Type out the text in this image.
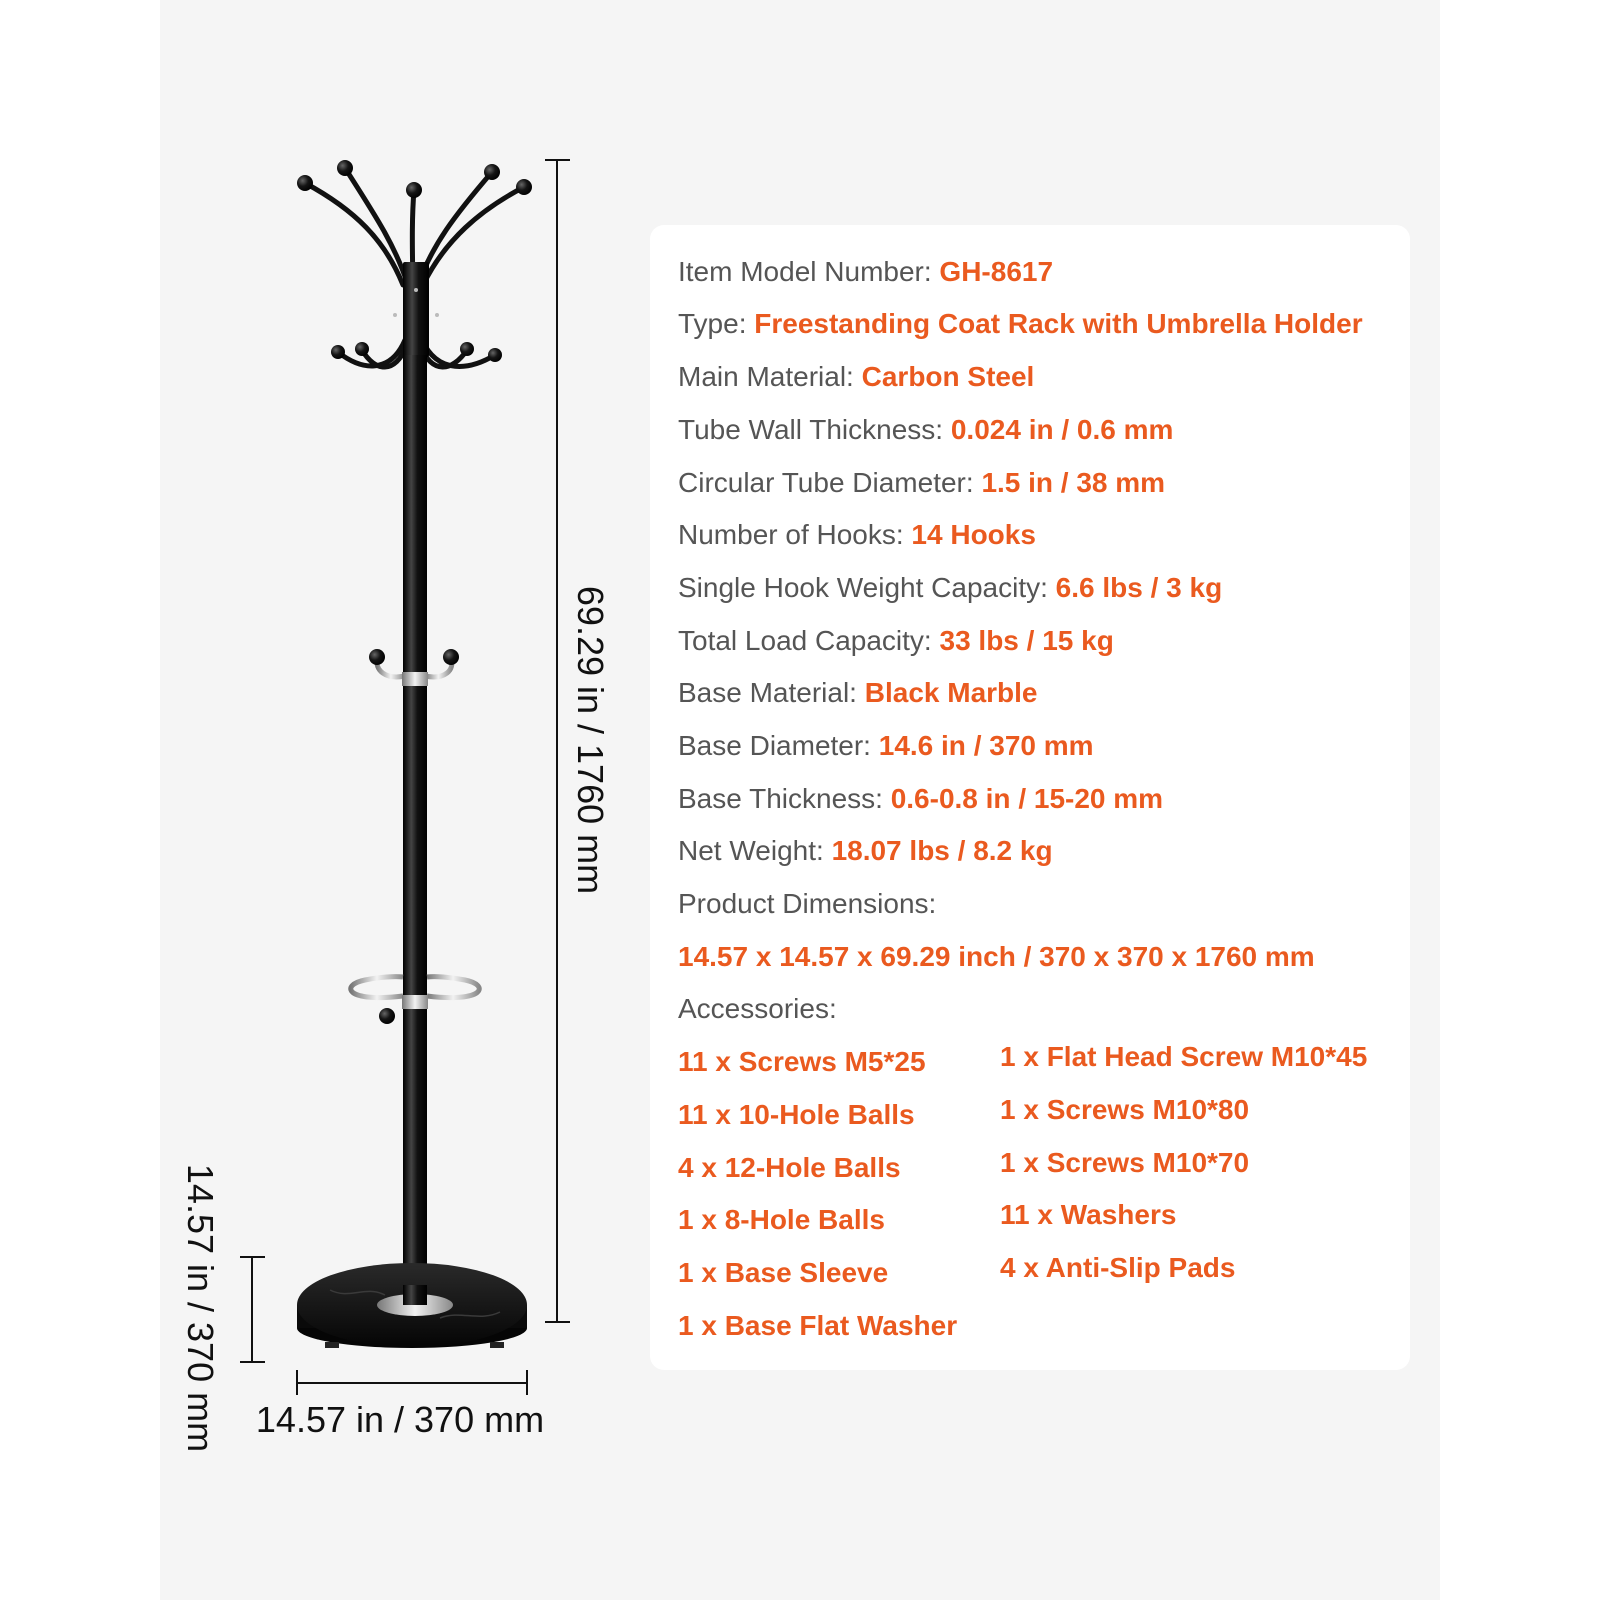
69.29 in / 1760 mm
14.57 in / 370 mm 14.57 in / 370 mm
Item Model Number: GH-8617
Type: Freestanding Coat Rack with Umbrella Holder
Main Material: Carbon Steel
Tube Wall Thickness: 0.024 in / 0.6 mm
Circular Tube Diameter: 1.5 in / 38 mm
Number of Hooks: 14 Hooks
Single Hook Weight Capacity: 6.6 lbs / 3 kg
Total Load Capacity: 33 lbs / 15 kg
Base Material: Black Marble
Base Diameter: 14.6 in / 370 mm
Base Thickness: 0.6-0.8 in / 15-20 mm
Net Weight: 18.07 lbs / 8.2 kg
Product Dimensions:
14.57 x 14.57 x 69.29 inch / 370 x 370 x 1760 mm
Accessories:
11 x Screws M5*25
11 x 10-Hole Balls
4 x 12-Hole Balls
1 x 8-Hole Balls
1 x Base Sleeve
1 x Base Flat Washer
1 x Flat Head Screw M10*45
1 x Screws M10*80
1 x Screws M10*70
11 x Washers
4 x Anti-Slip Pads
